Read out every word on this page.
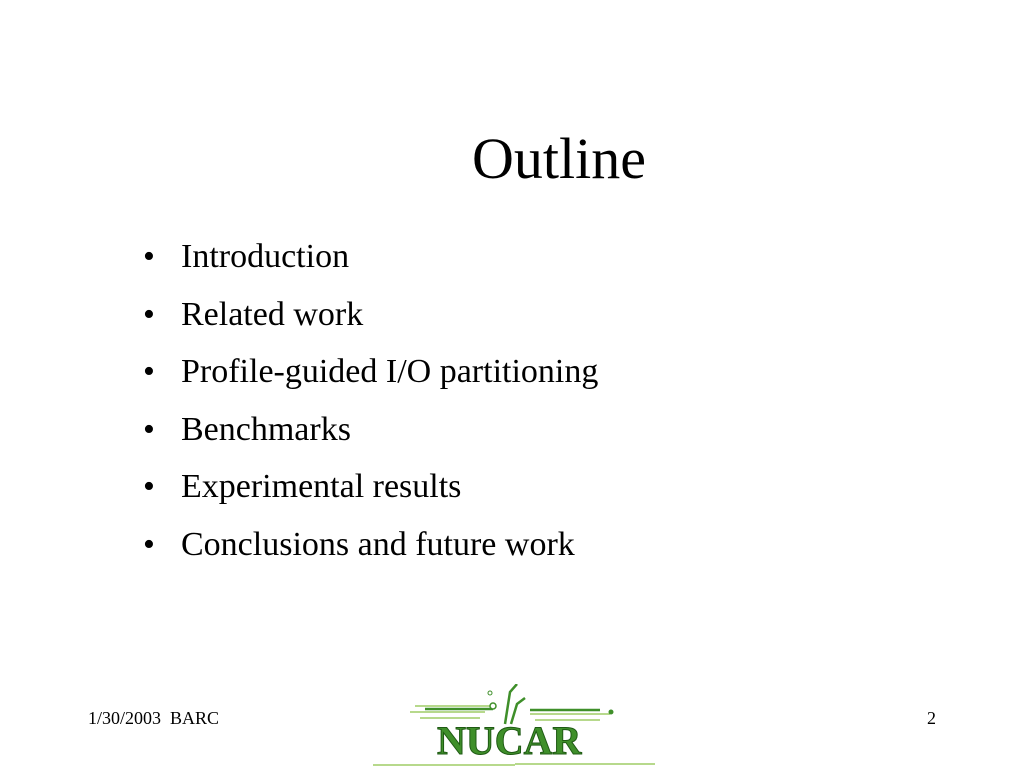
Outline
• Introduction
• Related work
• Profile-guided I/O partitioning
• Benchmarks
• Experimental results
• Conclusions and future work
1/30/2003  BARC	NUCAR	2
